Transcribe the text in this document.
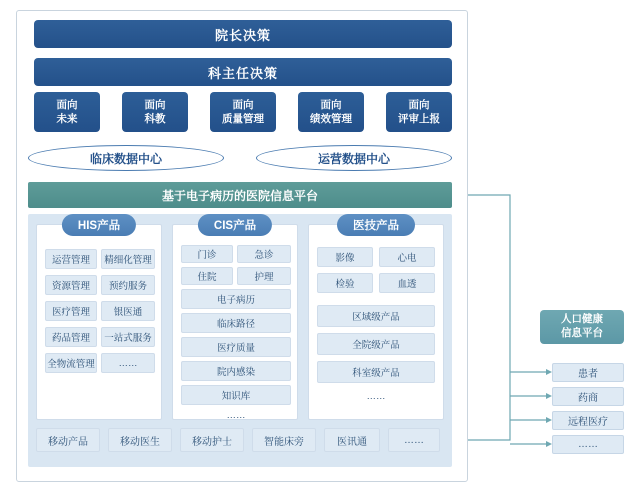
院长决策
科主任决策
面向
未来
面向
科教
面向
质量管理
面向
绩效管理
面向
评审上报
临床数据中心	运营数据中心
基于电子病历的医院信息平台
HIS产品
运营管理	精细化管理
资源管理	预约服务
医疗管理	银医通
药品管理	一站式服务
全物流管理	……
CIS产品
门诊	急诊
住院	护理
电子病历
临床路径
医疗质量
院内感染
知识库
……
医技产品
影像	心电
检验	血透
区域级产品
全院级产品
科室级产品
……
移动产品	移动医生	移动护士	智能床旁	医讯通	……
人口健康
信息平台
患者
药商
远程医疗
……
